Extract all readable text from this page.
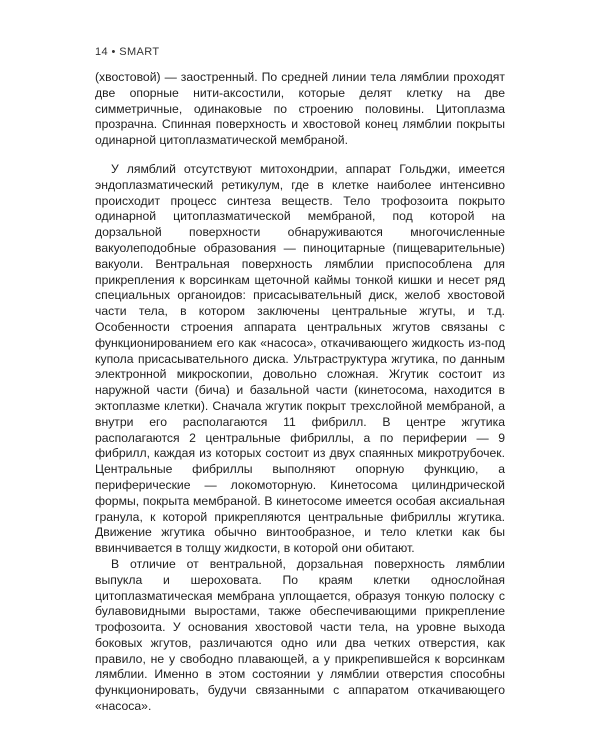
14 • SMART

(хвостовой) — заостренный. По средней линии тела лямблии проходят две опорные нити-аксостили, которые делят клетку на две симметричные, одинаковые по строению половины. Цитоплазма прозрачна. Спинная поверхность и хвостовой конец лямблии покрыты одинарной цитоплазматической мембраной.

У лямблий отсутствуют митохондрии, аппарат Гольджи, имеется эндоплазматический ретикулум, где в клетке наиболее интенсивно происходит процесс синтеза веществ. Тело трофозоита покрыто одинарной цитоплазматической мембраной, под которой на дорзальной поверхности обнаруживаются многочисленные вакуолеподобные образования — пиноцитарные (пищеварительные) вакуоли. Вентральная поверхность лямблии приспособлена для прикрепления к ворсинкам щеточной каймы тонкой кишки и несет ряд специальных органоидов: присасывательный диск, желоб хвостовой части тела, в котором заключены центральные жгуты, и т.д. Особенности строения аппарата центральных жгутов связаны с функционированием его как «насоса», откачивающего жидкость из-под купола присасывательного диска. Ультраструктура жгутика, по данным электронной микроскопии, довольно сложная. Жгутик состоит из наружной части (бича) и базальной части (кинетосома, находится в эктоплазме клетки). Сначала жгутик покрыт трехслойной мембраной, а внутри его располагаются 11 фибрилл. В центре жгутика располагаются 2 центральные фибриллы, а по периферии — 9 фибрилл, каждая из которых состоит из двух спаянных микротрубочек. Центральные фибриллы выполняют опорную функцию, а периферические — локомоторную. Кинетосома цилиндрической формы, покрыта мембраной. В кинетосоме имеется особая аксиальная гранула, к которой прикрепляются центральные фибриллы жгутика. Движение жгутика обычно винтообразное, и тело клетки как бы ввинчивается в толщу жидкости, в которой они обитают.

В отличие от вентральной, дорзальная поверхность лямблии выпукла и шероховата. По краям клетки однослойная цитоплазматическая мембрана уплощается, образуя тонкую полоску с булавовидными выростами, также обеспечивающими прикрепление трофозоита. У основания хвостовой части тела, на уровне выхода боковых жгутов, различаются одно или два четких отверстия, как правило, не у свободно плавающей, а у прикрепившейся к ворсинкам лямблии. Именно в этом состоянии у лямблии отверстия способны функционировать, будучи связанными с аппаратом откачивающего «насоса».
